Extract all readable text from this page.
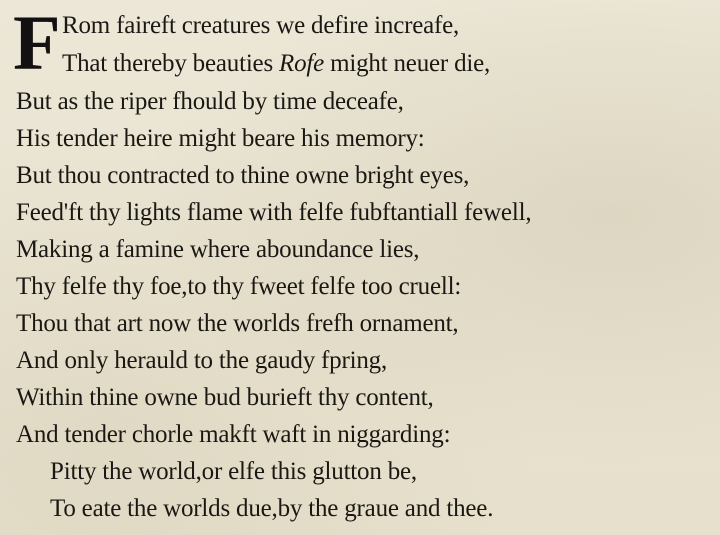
F Rom faireft creatures we defire increafe,
That thereby beauties Rofe might neuer die,
But as the riper fhould by time deceafe,
His tender heire might beare his memory:
But thou contracted to thine owne bright eyes,
Feed'ft thy lights flame with felfe fubftantiall fewell,
Making a famine where aboundance lies,
Thy felfe thy foe,to thy fweet felfe too cruell:
Thou that art now the worlds frefh ornament,
And only herauld to the gaudy fpring,
Within thine owne bud burieft thy content,
And tender chorle makft waft in niggarding:
Pitty the world,or elfe this glutton be,
To eate the worlds due,by the graue and thee.
